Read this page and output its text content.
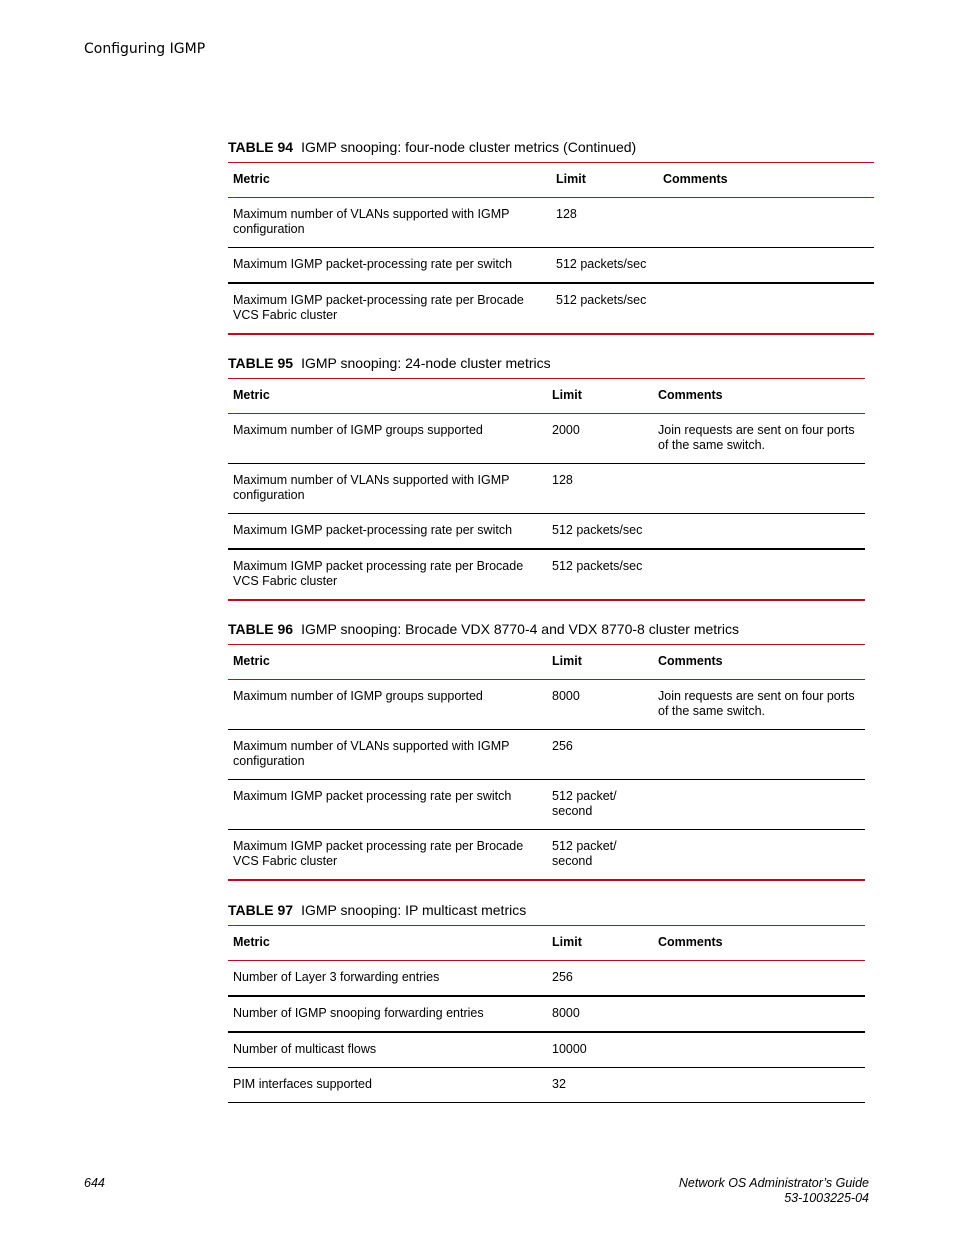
Configuring IGMP
TABLE 94 IGMP snooping: four-node cluster metrics (Continued)
Metric	Limit	Comments
Maximum number of VLANs supported with IGMP configuration	128	
Maximum IGMP packet-processing rate per switch	512 packets/sec	
Maximum IGMP packet-processing rate per Brocade VCS Fabric cluster	512 packets/sec	
TABLE 95 IGMP snooping: 24-node cluster metrics
Metric	Limit	Comments
Maximum number of IGMP groups supported	2000	Join requests are sent on four ports of the same switch.
Maximum number of VLANs supported with IGMP configuration	128	
Maximum IGMP packet-processing rate per switch	512 packets/sec	
Maximum IGMP packet processing rate per Brocade VCS Fabric cluster	512 packets/sec	
TABLE 96 IGMP snooping: Brocade VDX 8770-4 and VDX 8770-8 cluster metrics
Metric	Limit	Comments
Maximum number of IGMP groups supported	8000	Join requests are sent on four ports of the same switch.
Maximum number of VLANs supported with IGMP configuration	256	
Maximum IGMP packet processing rate per switch	512 packet/ second	
Maximum IGMP packet processing rate per Brocade VCS Fabric cluster	512 packet/ second	
TABLE 97 IGMP snooping: IP multicast metrics
Metric	Limit	Comments
Number of Layer 3 forwarding entries	256	
Number of IGMP snooping forwarding entries	8000	
Number of multicast flows	10000	
PIM interfaces supported	32	
644	Network OS Administrator’s Guide
53-1003225-04
